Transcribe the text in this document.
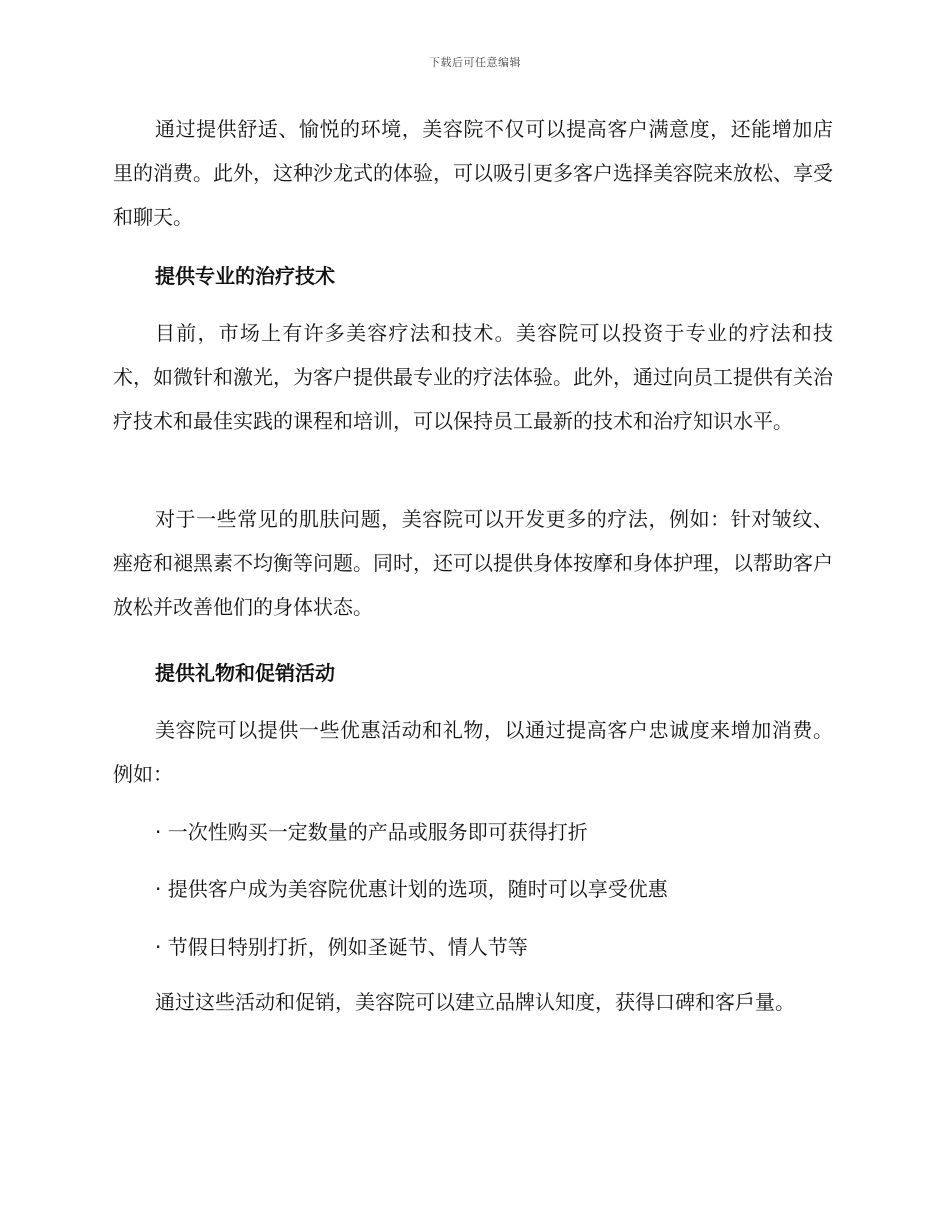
下载后可任意编辑

通过提供舒适、愉悦的环境，美容院不仅可以提高客户满意度，还能增加店里的消费。此外，这种沙龙式的体验，可以吸引更多客户选择美容院来放松、享受和聊天。

提供专业的治疗技术

目前，市场上有许多美容疗法和技术。美容院可以投资于专业的疗法和技术，如微针和激光，为客户提供最专业的疗法体验。此外，通过向员工提供有关治疗技术和最佳实践的课程和培训，可以保持员工最新的技术和治疗知识水平。

对于一些常见的肌肤问题，美容院可以开发更多的疗法，例如：针对皱纹、痤疮和褪黑素不均衡等问题。同时，还可以提供身体按摩和身体护理，以帮助客户放松并改善他们的身体状态。

提供礼物和促销活动

美容院可以提供一些优惠活动和礼物，以通过提高客户忠诚度来增加消费。例如：

· 一次性购买一定数量的产品或服务即可获得打折

· 提供客户成为美容院优惠计划的选项，随时可以享受优惠

· 节假日特别打折，例如圣诞节、情人节等

通过这些活动和促销，美容院可以建立品牌认知度，获得口碑和客戶量。
